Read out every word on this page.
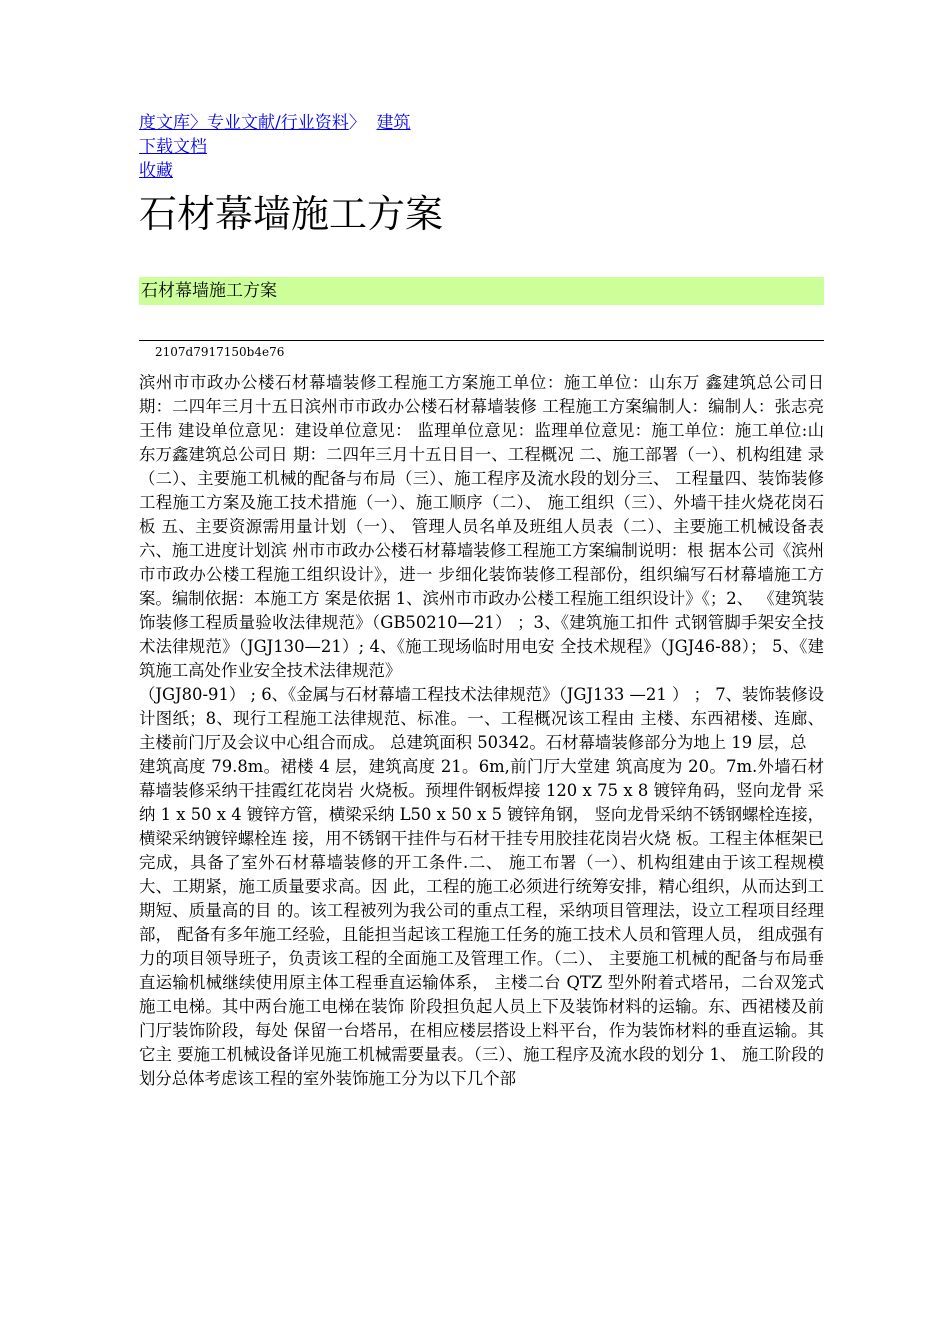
度文库〉专业文献/行业资料〉 建筑
下载文档
收藏
石材幕墙施工方案
石材幕墙施工方案
2107d7917150b4e76

滨州市市政办公楼石材幕墙装修工程施工方案施工单位：施工单位：山东万 鑫建筑总公司日期：二四年三月十五日滨州市市政办公楼石材幕墙装修 工程施工方案编制人：编制人：张志亮王伟 建设单位意见：建设单位意见： 监理单位意见：监理单位意见：施工单位：施工单位:山东万鑫建筑总公司日 期：二四年三月十五日目一、工程概况 二、施工部署（一）、机构组建 录（二）、主要施工机械的配备与布局（三）、施工程序及流水段的划分三、 工程量四、装饰装修工程施工方案及施工技术措施（一）、施工顺序（二）、 施工组织（三）、外墙干挂火烧花岗石板 五、主要资源需用量计划（一）、 管理人员名单及班组人员表（二）、主要施工机械设备表六、施工进度计划滨 州市市政办公楼石材幕墙装修工程施工方案编制说明：根 据本公司《滨州市市政办公楼工程施工组织设计》，进一 步细化装饰装修工程部份，组织编写石材幕墙施工方案。编制依据：本施工方 案是依据 1、滨州市市政办公楼工程施工组织设计》《；2、 《建筑装饰装修工程质量验收法律规范》（GB50210—21） ；3、《建筑施工扣件 式钢管脚手架安全技术法律规范》（JGJ130—21）; 4、《施工现场临时用电安 全技术规程》（JGJ46-88）； 5、《建筑施工高处作业安全技术法律规范》

（JGJ80-91） ; 6、《金属与石材幕墙工程技术法律规范》（JGJ133 —21 ） ； 7、装饰装修设计图纸；8、现行工程施工法律规范、标准。一、工程概况该工程由 主楼、东西裙楼、连廊、主楼前门厅及会议中心组合而成。 总建筑面积 50342。石材幕墙装修部分为地上 19 层，总

建筑高度 79.8m。裙楼 4 层，建筑高度 21。6m,前门厅大堂建 筑高度为 20。7m.外墙石材幕墙装修采纳干挂霞红花岗岩 火烧板。预埋件钢板焊接 120 x 75 x 8 镀锌角码，竖向龙骨 采纳 1 x 50 x 4 镀锌方管，横梁采纳 L50 x 50 x 5 镀锌角钢， 竖向龙骨采纳不锈钢螺栓连接，横梁采纳镀锌螺栓连 接，用不锈钢干挂件与石材干挂专用胶挂花岗岩火烧 板。工程主体框架已完成，具备了室外石材幕墙装修的开工条件.二、 施工布署（一）、机构组建由于该工程规模大、工期紧，施工质量要求高。因 此，工程的施工必须进行统筹安排，精心组织，从而达到工期短、质量高的目 的。该工程被列为我公司的重点工程，采纳项目管理法，设立工程项目经理部， 配备有多年施工经验，且能担当起该工程施工任务的施工技术人员和管理人员， 组成强有力的项目领导班子，负责该工程的全面施工及管理工作。（二）、 主要施工机械的配备与布局垂直运输机械继续使用原主体工程垂直运输体系， 主楼二台 QTZ 型外附着式塔吊，二台双笼式施工电梯。其中两台施工电梯在装饰 阶段担负起人员上下及装饰材料的运输。东、西裙楼及前门厅装饰阶段，每处 保留一台塔吊，在相应楼层搭设上料平台，作为装饰材料的垂直运输。其它主 要施工机械设备详见施工机械需要量表。（三）、施工程序及流水段的划分 1、 施工阶段的划分总体考虑该工程的室外装饰施工分为以下几个部
